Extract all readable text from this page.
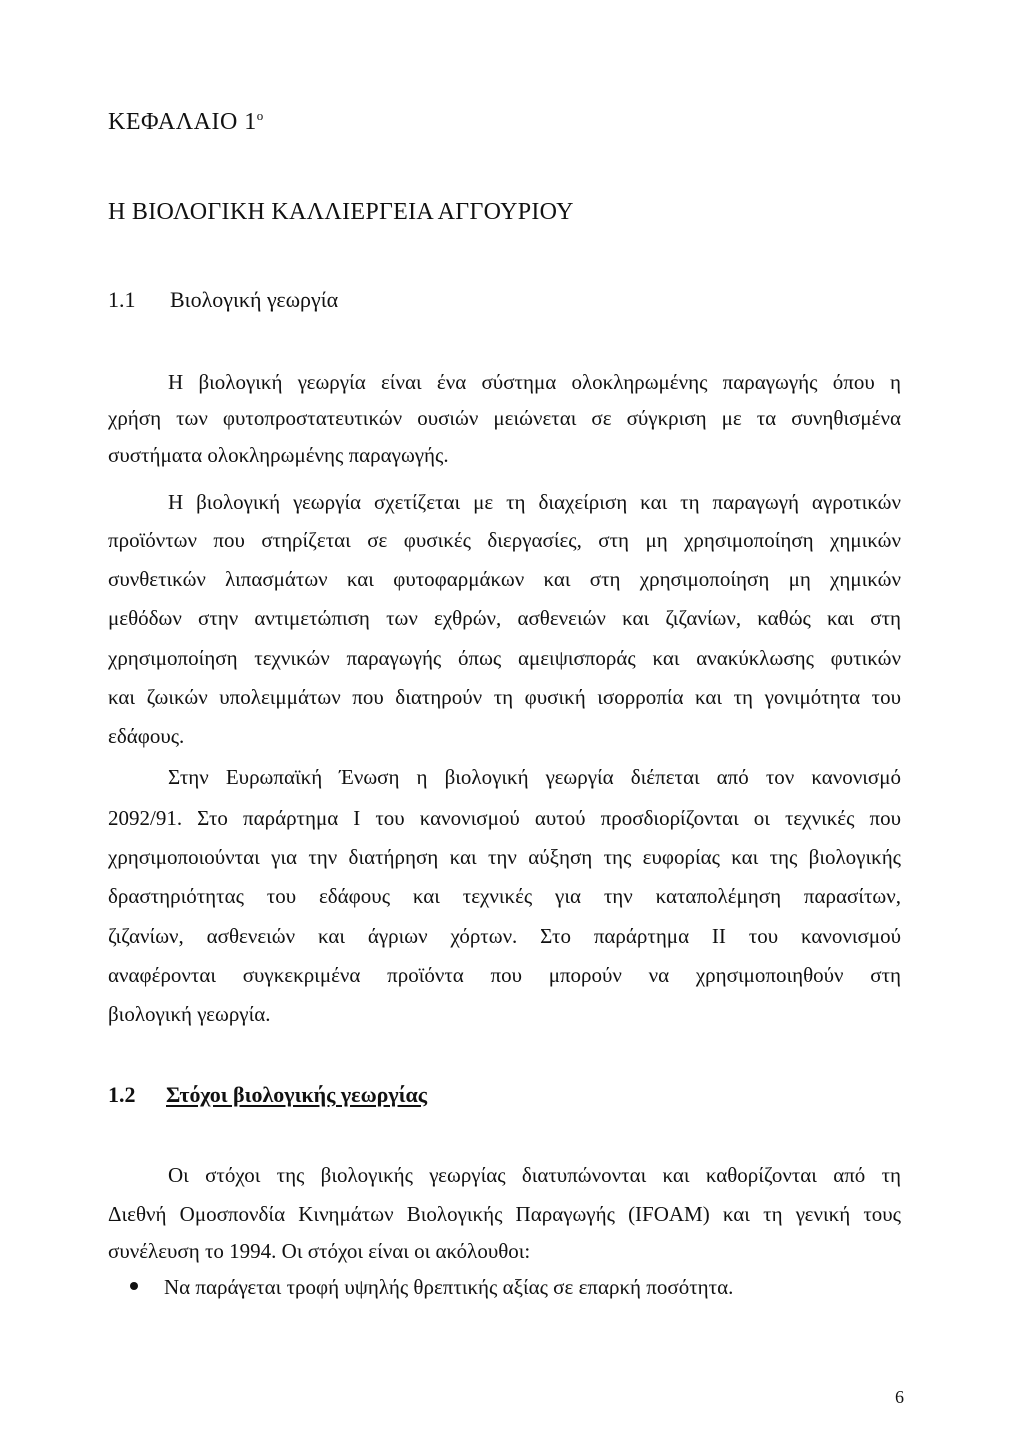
ΚΕΦΑΛΑΙΟ $1^o$
Η ΒΙΟΛΟΓΙΚΗ ΚΑΛΛΙΕΡΓΕΙΑ ΑΓΓΟΥΡΙΟΥ
1.1 Βιολογική γεωργία
Η βιολογική γεωργία είναι ένα σύστημα ολοκληρωμένης παραγωγής όπου η
χρήση των φυτοπροστατευτικών ουσιών μειώνεται σε σύγκριση με τα συνηθισμένα
συστήματα ολοκληρωμένης παραγωγής.
Η βιολογική γεωργία σχετίζεται με τη διαχείριση και τη παραγωγή αγροτικών
προϊόντων που στηρίζεται σε φυσικές διεργασίες, στη μη χρησιμοποίηση χημικών
συνθετικών λιπασμάτων και φυτοφαρμάκων και στη χρησιμοποίηση μη χημικών
μεθόδων στην αντιμετώπιση των εχθρών, ασθενειών και ζιζανίων, καθώς και στη
χρησιμοποίηση τεχνικών παραγωγής όπως αμειψισποράς και ανακύκλωσης φυτικών
και ζωικών υπολειμμάτων που διατηρούν τη φυσική ισορροπία και τη γονιμότητα του
εδάφους.
Στην Ευρωπαϊκή Ένωση η βιολογική γεωργία διέπεται από τον κανονισμό
2092/91. Στο παράρτημα I του κανονισμού αυτού προσδιορίζονται οι τεχνικές που
χρησιμοποιούνται για την διατήρηση και την αύξηση της ευφορίας και της βιολογικής
δραστηριότητας του εδάφους και τεχνικές για την καταπολέμηση παρασίτων,
ζιζανίων, ασθενειών και άγριων χόρτων. Στο παράρτημα II του κανονισμού
αναφέρονται συγκεκριμένα προϊόντα που μπορούν να χρησιμοποιηθούν στη
βιολογική γεωργία.
1.2 Στόχοι βιολογικής γεωργίας
Οι στόχοι της βιολογικής γεωργίας διατυπώνονται και καθορίζονται από τη
Διεθνή Ομοσπονδία Κινημάτων Βιολογικής Παραγωγής (IFOAM) και τη γενική τους
συνέλευση το 1994. Οι στόχοι είναι οι ακόλουθοι:
Να παράγεται τροφή υψηλής θρεπτικής αξίας σε επαρκή ποσότητα.
6
